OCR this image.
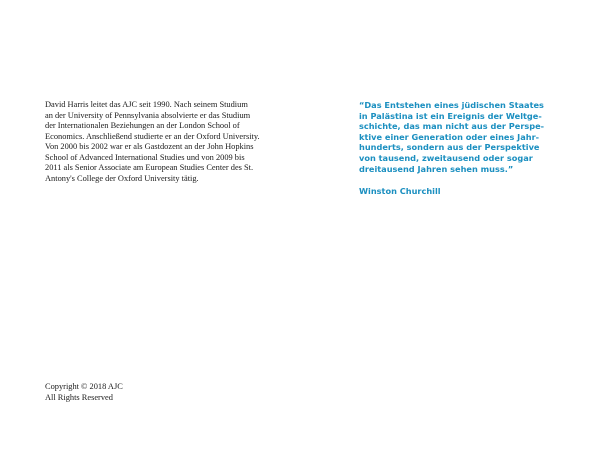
David Harris leitet das AJC seit 1990. Nach seinem Studium
an der University of Pennsylvania absolvierte er das Studium
der Internationalen Beziehungen an der London School of
Economics. Anschließend studierte er an der Oxford University.
Von 2000 bis 2002 war er als Gastdozent an der John Hopkins
School of Advanced International Studies und von 2009 bis
2011 als Senior Associate am European Studies Center des St.
Antony's College der Oxford University tätig.
“Das Entstehen eines jüdischen Staates
in Palästina ist ein Ereignis der Weltge-
schichte, das man nicht aus der Perspe-
ktive einer Generation oder eines Jahr-
hunderts, sondern aus der Perspektive
von tausend, zweitausend oder sogar
dreitausend Jahren sehen muss.”
Winston Churchill
Copyright © 2018 AJC
All Rights Reserved
